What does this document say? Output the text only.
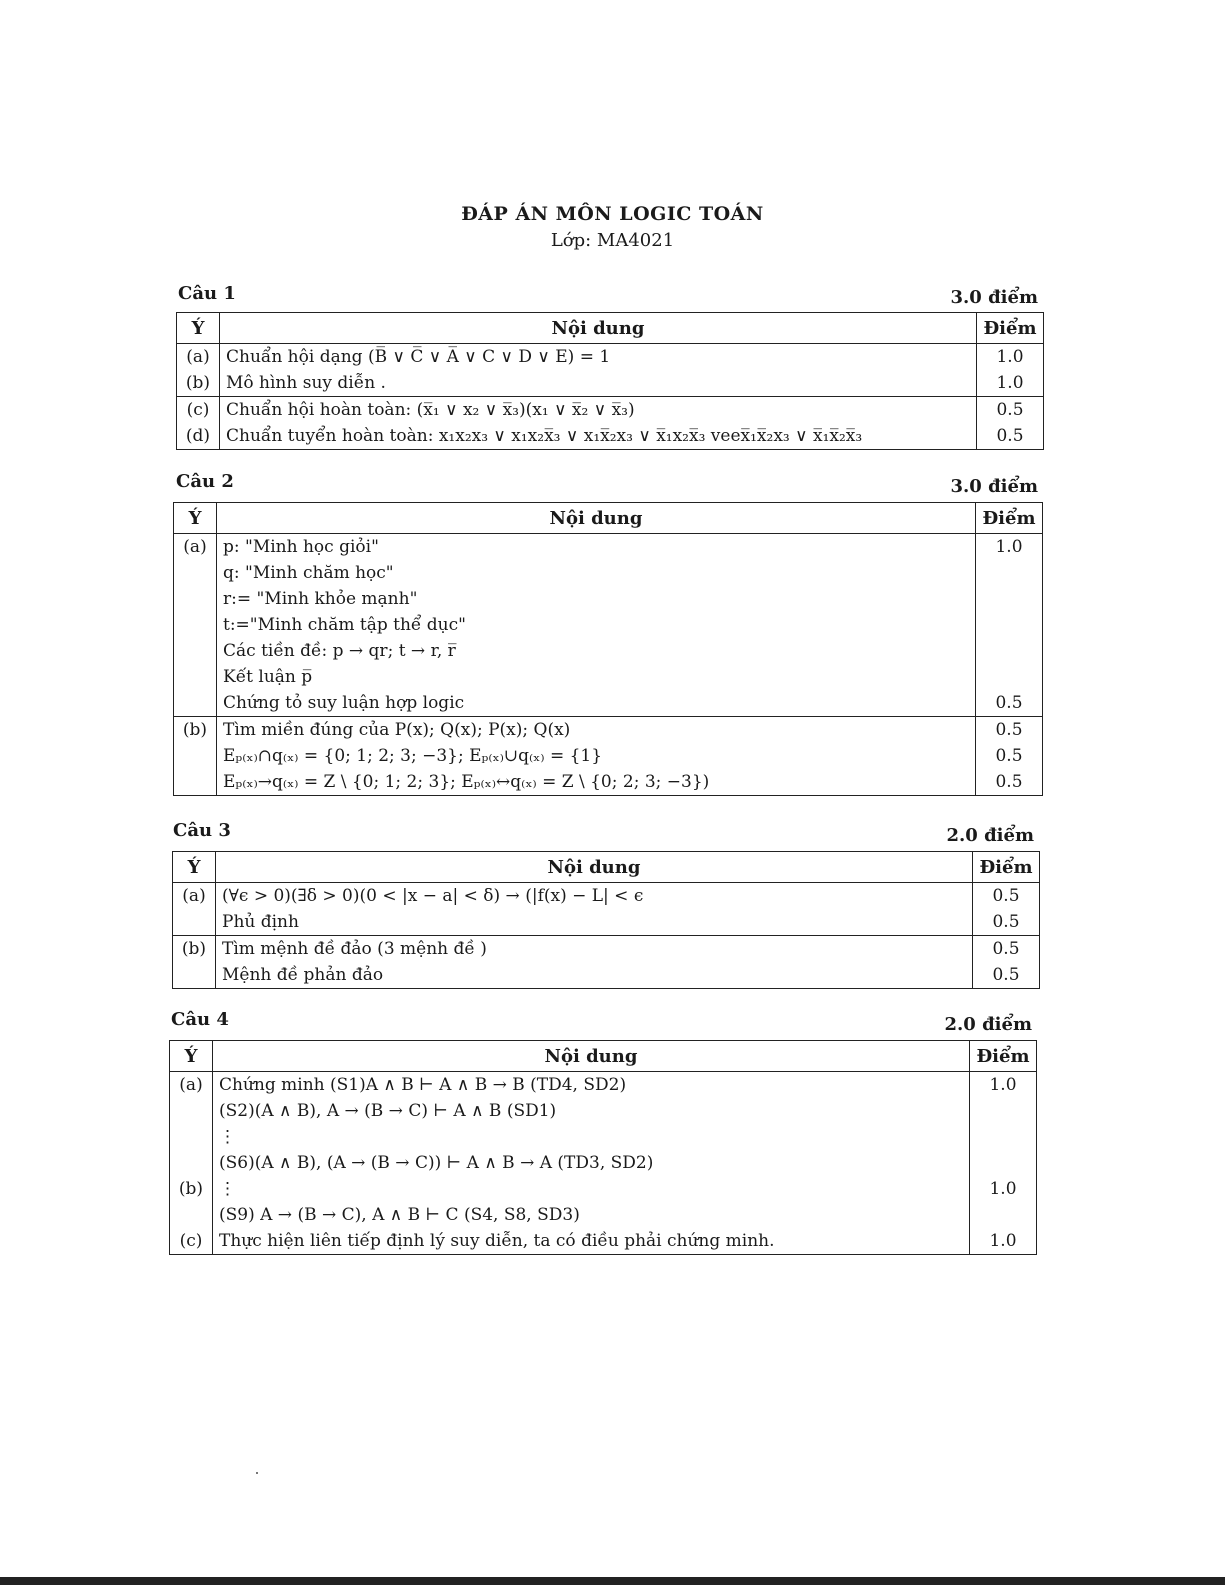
ĐÁP ÁN MÔN LOGIC TOÁN
Lớp: MA4021
Câu 1	3.0 điểm
Ý	Nội dung	Điểm
(a)	Chuẩn hội dạng (B̅ ∨ C̅ ∨ A̅ ∨ C ∨ D ∨ E) = 1	1.0
(b)	Mô hình suy diễn .	1.0
(c)	Chuẩn hội hoàn toàn: (x̅₁ ∨ x₂ ∨ x̅₃)(x₁ ∨ x̅₂ ∨ x̅₃)	0.5
(d)	Chuẩn tuyển hoàn toàn: x₁x₂x₃ ∨ x₁x₂x̅₃ ∨ x₁x̅₂x₃ ∨ x̅₁x₂x̅₃ veex̅₁x̅₂x₃ ∨ x̅₁x̅₂x̅₃	0.5
Câu 2	3.0 điểm
Ý	Nội dung	Điểm
(a)	p: "Minh học giỏi"	1.0
	q: "Minh chăm học"	
	r:= "Minh khỏe mạnh"	
	t:="Minh chăm tập thể dục"	
	Các tiền đề: p → qr; t → r, r̅	
	Kết luận p̅	
	Chứng tỏ suy luận hợp logic	0.5
(b)	Tìm miền đúng của P(x); Q(x); P(x); Q(x)	0.5
	Eₚ₍ₓ₎∩q₍ₓ₎ = {0; 1; 2; 3; −3}; Eₚ₍ₓ₎∪q₍ₓ₎ = {1}	0.5
	Eₚ₍ₓ₎→q₍ₓ₎ = Z \ {0; 1; 2; 3}; Eₚ₍ₓ₎↔q₍ₓ₎ = Z \ {0; 2; 3; −3})	0.5
Câu 3	2.0 điểm
Ý	Nội dung	Điểm
(a)	(∀ϵ > 0)(∃δ > 0)(0 < |x − a| < δ) → (|f(x) − L| < ϵ	0.5
	Phủ định	0.5
(b)	Tìm mệnh đề đảo (3 mệnh đề )	0.5
	Mệnh đề phản đảo	0.5
Câu 4	2.0 điểm
Ý	Nội dung	Điểm
(a)	Chứng minh (S1)A ∧ B ⊢ A ∧ B → B (TD4, SD2)	1.0
	(S2)(A ∧ B), A → (B → C) ⊢ A ∧ B (SD1)	
	⋮	
	(S6)(A ∧ B), (A → (B → C)) ⊢ A ∧ B → A (TD3, SD2)	
(b)	⋮	1.0
	(S9) A → (B → C), A ∧ B ⊢ C (S4, S8, SD3)	
(c)	Thực hiện liên tiếp định lý suy diễn, ta có điều phải chứng minh.	1.0
